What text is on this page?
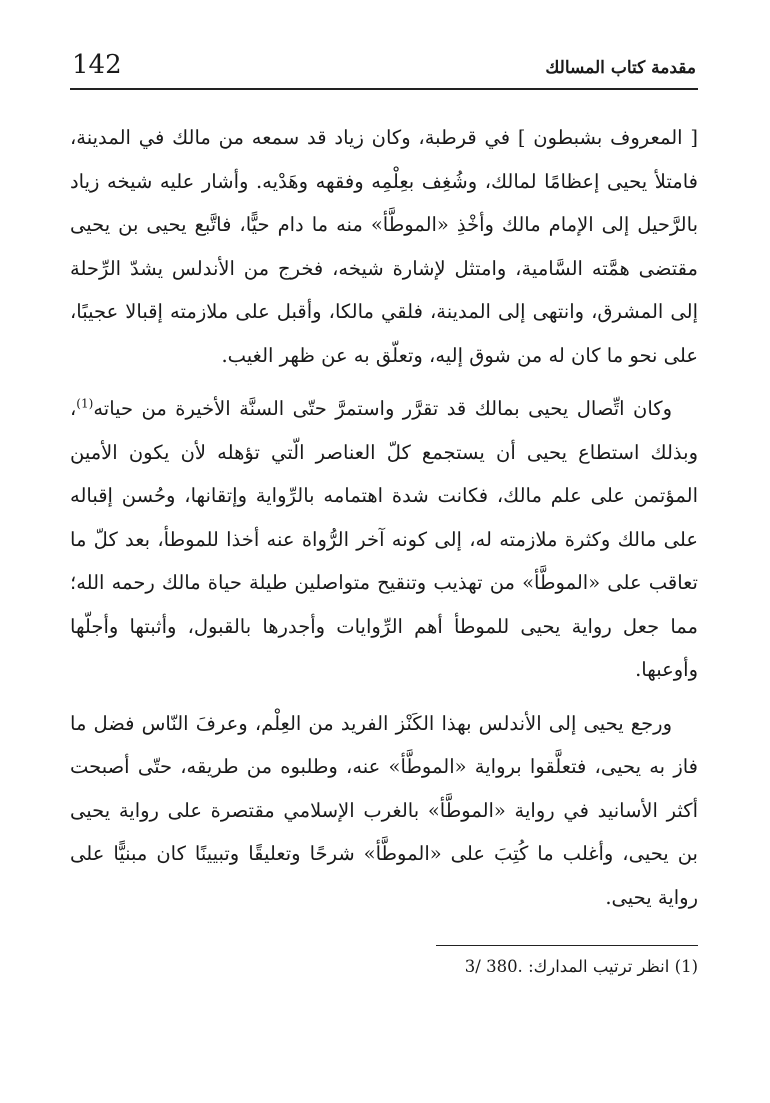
مقدمة كتاب المسالك
142

[ المعروف بشبطون ] في قرطبة، وكان زياد قد سمعه من مالك في المدينة، فامتلأ يحيى إعظامًا لمالك، وشُغِف بعِلْمِه وفقهه وهَدْيه. وأشار عليه شيخه زياد بالرَّحيل إلى الإمام مالك وأخْذِ «الموطَّأ» منه ما دام حيًّا، فاتَّبع يحيى بن يحيى مقتضى همَّته السَّامية، وامتثل لإشارة شيخه، فخرج من الأندلس يشدّ الرِّحلة إلى المشرق، وانتهى إلى المدينة، فلقي مالكا، وأقبل على ملازمته إقبالا عجيبًا، على نحو ما كان له من شوق إليه، وتعلّق به عن ظهر الغيب.

وكان اتِّصال يحيى بمالك قد تقرَّر واستمرَّ حتّى السنَّة الأخيرة من حياته$^{(1)}$، وبذلك استطاع يحيى أن يستجمع كلّ العناصر الّتي تؤهله لأن يكون الأمين المؤتمن على علم مالك، فكانت شدة اهتمامه بالرِّواية وإتقانها، وحُسن إقباله على مالك وكثرة ملازمته له، إلى كونه آخر الرُّواة عنه أخذا للموطأ، بعد كلّ ما تعاقب على «الموطَّأ» من تهذيب وتنقيح متواصلين طيلة حياة مالك رحمه الله؛ مما جعل رواية يحيى للموطأ أهم الرِّوايات وأجدرها بالقبول، وأثبتها وأجلّها وأوعبها.

ورجع يحيى إلى الأندلس بهذا الكَنْز الفريد من العِلْم، وعرفَ النّاس فضل ما فاز به يحيى، فتعلَّقوا برواية «الموطَّأ» عنه، وطلبوه من طريقه، حتّى أصبحت أكثر الأسانيد في رواية «الموطَّأ» بالغرب الإسلامي مقتصرة على رواية يحيى بن يحيى، وأغلب ما كُتِبَ على «الموطَّأ» شرحًا وتعليقًا وتبيينًا كان مبنيًّا على رواية يحيى.

(1) انظر ترتيب المدارك: 3/ 380.
